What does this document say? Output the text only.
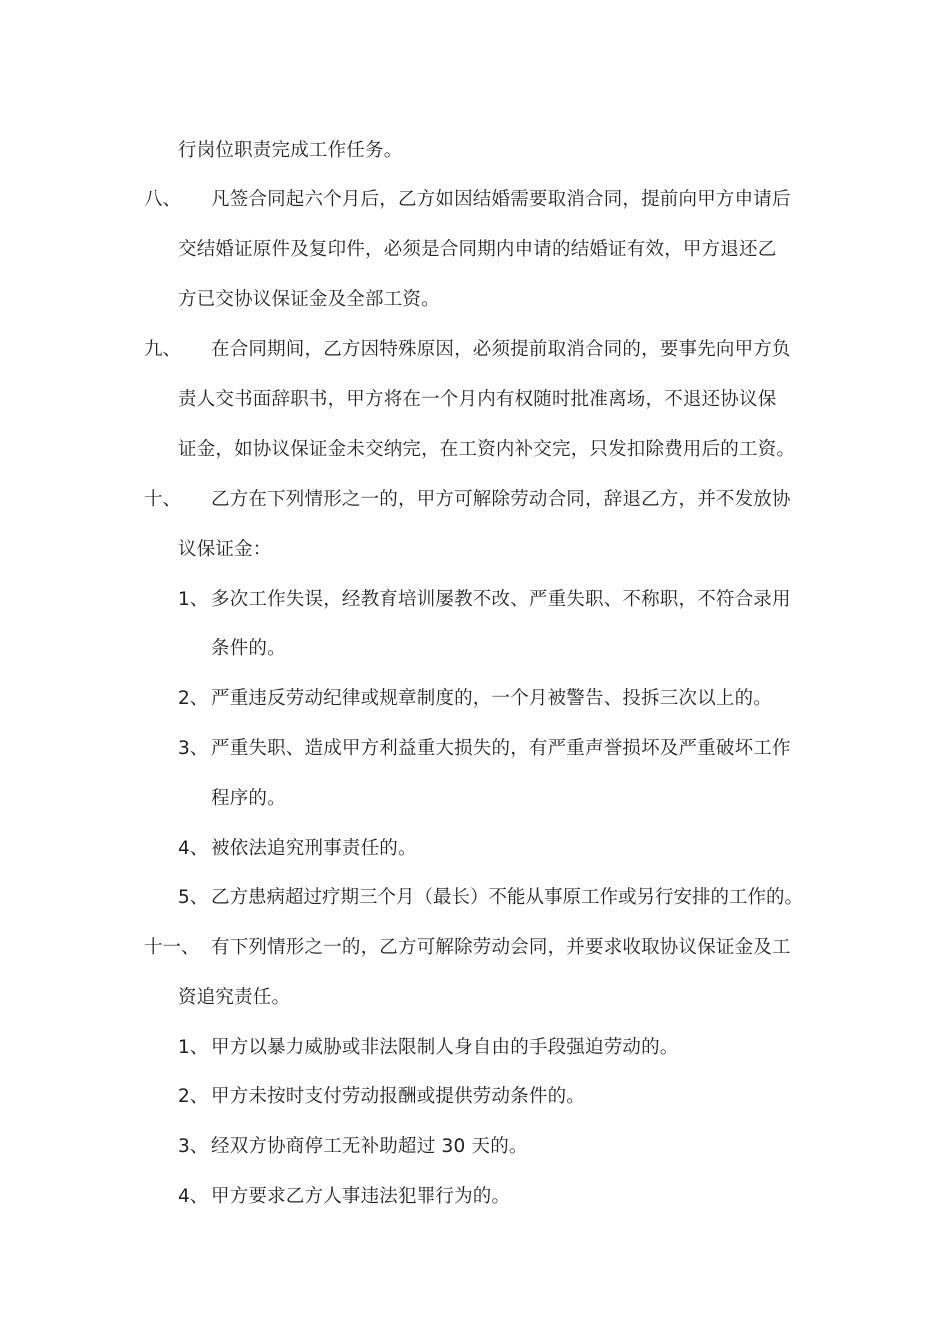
行岗位职责完成工作任务。
八、 凡签合同起六个月后，乙方如因结婚需要取消合同，提前向甲方申请后
交结婚证原件及复印件，必须是合同期内申请的结婚证有效，甲方退还乙
方已交协议保证金及全部工资。
九、 在合同期间，乙方因特殊原因，必须提前取消合同的，要事先向甲方负
责人交书面辞职书，甲方将在一个月内有权随时批准离场，不退还协议保
证金，如协议保证金未交纳完，在工资内补交完，只发扣除费用后的工资。
十、 乙方在下列情形之一的，甲方可解除劳动合同，辞退乙方，并不发放协
议保证金：
1、 多次工作失误，经教育培训屡教不改、严重失职、不称职，不符合录用
条件的。
2、 严重违反劳动纪律或规章制度的，一个月被警告、投拆三次以上的。
3、 严重失职、造成甲方利益重大损失的，有严重声誉损坏及严重破坏工作
程序的。
4、 被依法追究刑事责任的。
5、 乙方患病超过疗期三个月（最长）不能从事原工作或另行安排的工作的。
十一、 有下列情形之一的，乙方可解除劳动会同，并要求收取协议保证金及工
资追究责任。
1、 甲方以暴力威胁或非法限制人身自由的手段强迫劳动的。
2、 甲方未按时支付劳动报酬或提供劳动条件的。
3、 经双方协商停工无补助超过 30 天的。
4、 甲方要求乙方人事违法犯罪行为的。
